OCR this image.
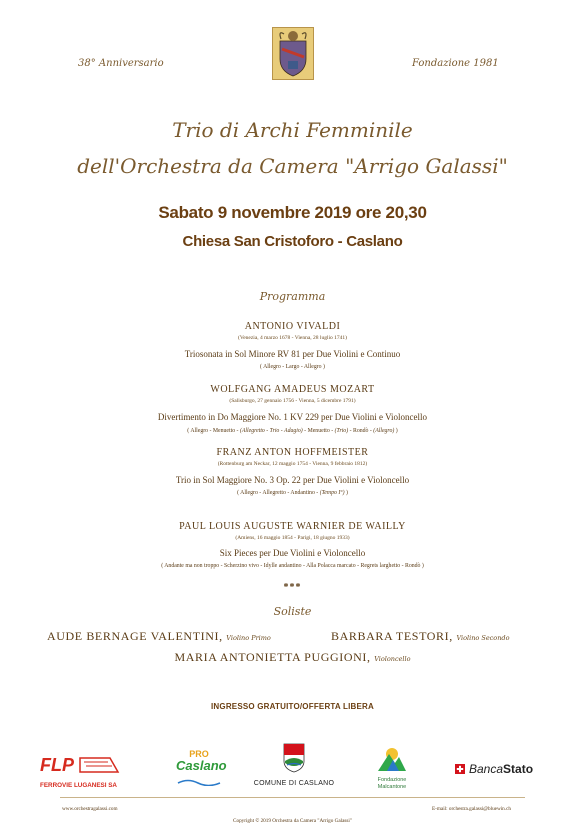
38° Anniversario	Fondazione 1981
Trio di Archi Femminile
dell'Orchestra da Camera "Arrigo Galassi"
Sabato 9 novembre 2019 ore 20,30
Chiesa San Cristoforo - Caslano
Programma
ANTONIO VIVALDI
(Venezia, 4 marzo 1678 - Vienna, 28 luglio 1741)
Triosonata in Sol Minore RV 81 per Due Violini e Continuo
( Allegro - Largo - Allegro )
WOLFGANG AMADEUS MOZART
(Salisburgo, 27 gennaio 1756 - Vienna, 5 dicembre 1791)
Divertimento in Do Maggiore No. 1 KV 229 per Due Violini e Violoncello
( Allegro - Menuetto - (Allegretto - Trio - Adagio) - Menuetto - (Trio) - Rondò - (Allegro) )
FRANZ ANTON HOFFMEISTER
(Rottenburg am Neckar, 12 maggio 1754 - Vienna, 9 febbraio 1812)
Trio in Sol Maggiore No. 3 Op. 22 per Due Violini e Violoncello
( Allegro - Allegretto - Andantino - (Tempo I°) )
PAUL LOUIS AUGUSTE WARNIER DE WAILLY
(Amiens, 16 maggio 1854 - Parigi, 18 giugno 1933)
Six Pieces per Due Violini e Violoncello
( Andante ma non troppo - Scherzino vivo - Idylle andantino - Alla Polacca marcato - Regrets larghetto - Rondò )
***
Soliste
AUDE BERNAGE VALENTINI, Violino Primo	BARBARA TESTORI, Violino Secondo
MARIA ANTONIETTA PUGGIONI, Violoncello
INGRESSO GRATUITO/OFFERTA LIBERA
FLP
FERROVIE LUGANESI SA
PRO
Caslano
COMUNE DI CASLANO	Fondazione
Malcantone
BancaStato
www.orchestragalassi.com	E-mail: orchestra.galassi@bluewin.ch
Copyright © 2019 Orchestra da Camera "Arrigo Galassi"
